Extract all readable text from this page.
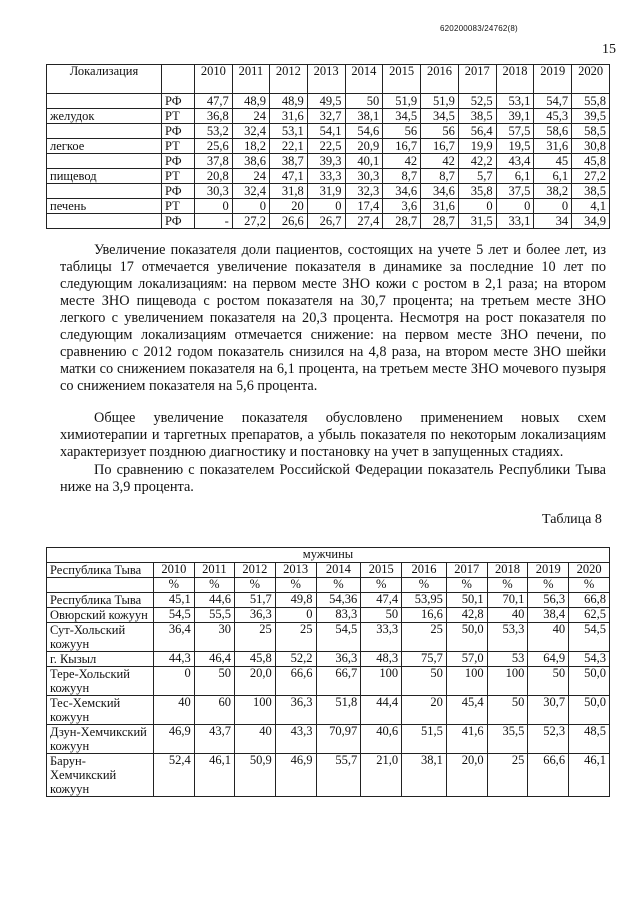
620200083/24762(8)
15
Локализация		2010	2011	2012	2013	2014	2015	2016	2017	2018	2019	2020
	РФ	47,7	48,9	48,9	49,5	50	51,9	51,9	52,5	53,1	54,7	55,8
желудок	РТ	36,8	24	31,6	32,7	38,1	34,5	34,5	38,5	39,1	45,3	39,5
	РФ	53,2	32,4	53,1	54,1	54,6	56	56	56,4	57,5	58,6	58,5
легкое	РТ	25,6	18,2	22,1	22,5	20,9	16,7	16,7	19,9	19,5	31,6	30,8
	РФ	37,8	38,6	38,7	39,3	40,1	42	42	42,2	43,4	45	45,8
пищевод	РТ	20,8	24	47,1	33,3	30,3	8,7	8,7	5,7	6,1	6,1	27,2
	РФ	30,3	32,4	31,8	31,9	32,3	34,6	34,6	35,8	37,5	38,2	38,5
печень	РТ	0	0	20	0	17,4	3,6	31,6	0	0	0	4,1
	РФ	-	27,2	26,6	26,7	27,4	28,7	28,7	31,5	33,1	34	34,9
Увеличение показателя доли пациентов, состоящих на учете 5 лет и более лет, из таблицы 17 отмечается увеличение показателя в динамике за последние 10 лет по следующим локализациям: на первом месте ЗНО кожи с ростом в 2,1 раза; на втором месте ЗНО пищевода с ростом показателя на 30,7 процента; на третьем месте ЗНО легкого с увеличением показателя на 20,3 процента. Несмотря на рост показателя по следующим локализациям отмечается снижение: на первом месте ЗНО печени, по сравнению с 2012 годом показатель снизился на 4,8 раза, на втором месте ЗНО шейки матки со снижением показателя на 6,1 процента, на третьем месте ЗНО мочевого пузыря со снижением показателя на 5,6 процента.
Общее увеличение показателя обусловлено применением новых схем химиотерапии и таргетных препаратов, а убыль показателя по некоторым локализациям характеризует позднюю диагностику и постановку на учет в запущенных стадиях.
По сравнению с показателем Российской Федерации показатель Республики Тыва ниже на 3,9 процента.
Таблица 8
мужчины											
Республика Тыва	2010	2011	2012	2013	2014	2015	2016	2017	2018	2019	2020
	%	%	%	%	%	%	%	%	%	%	%
Республика Тыва	45,1	44,6	51,7	49,8	54,36	47,4	53,95	50,1	70,1	56,3	66,8
Овюрский кожуун	54,5	55,5	36,3	0	83,3	50	16,6	42,8	40	38,4	62,5
Сут-Хольский кожуун	36,4	30	25	25	54,5	33,3	25	50,0	53,3	40	54,5
г. Кызыл	44,3	46,4	45,8	52,2	36,3	48,3	75,7	57,0	53	64,9	54,3
Тере-Хольский кожуун	0	50	20,0	66,6	66,7	100	50	100	100	50	50,0
Тес-Хемский кожуун	40	60	100	36,3	51,8	44,4	20	45,4	50	30,7	50,0
Дзун-Хемчикский кожуун	46,9	43,7	40	43,3	70,97	40,6	51,5	41,6	35,5	52,3	48,5
Барун-Хемчикский кожуун	52,4	46,1	50,9	46,9	55,7	21,0	38,1	20,0	25	66,6	46,1
